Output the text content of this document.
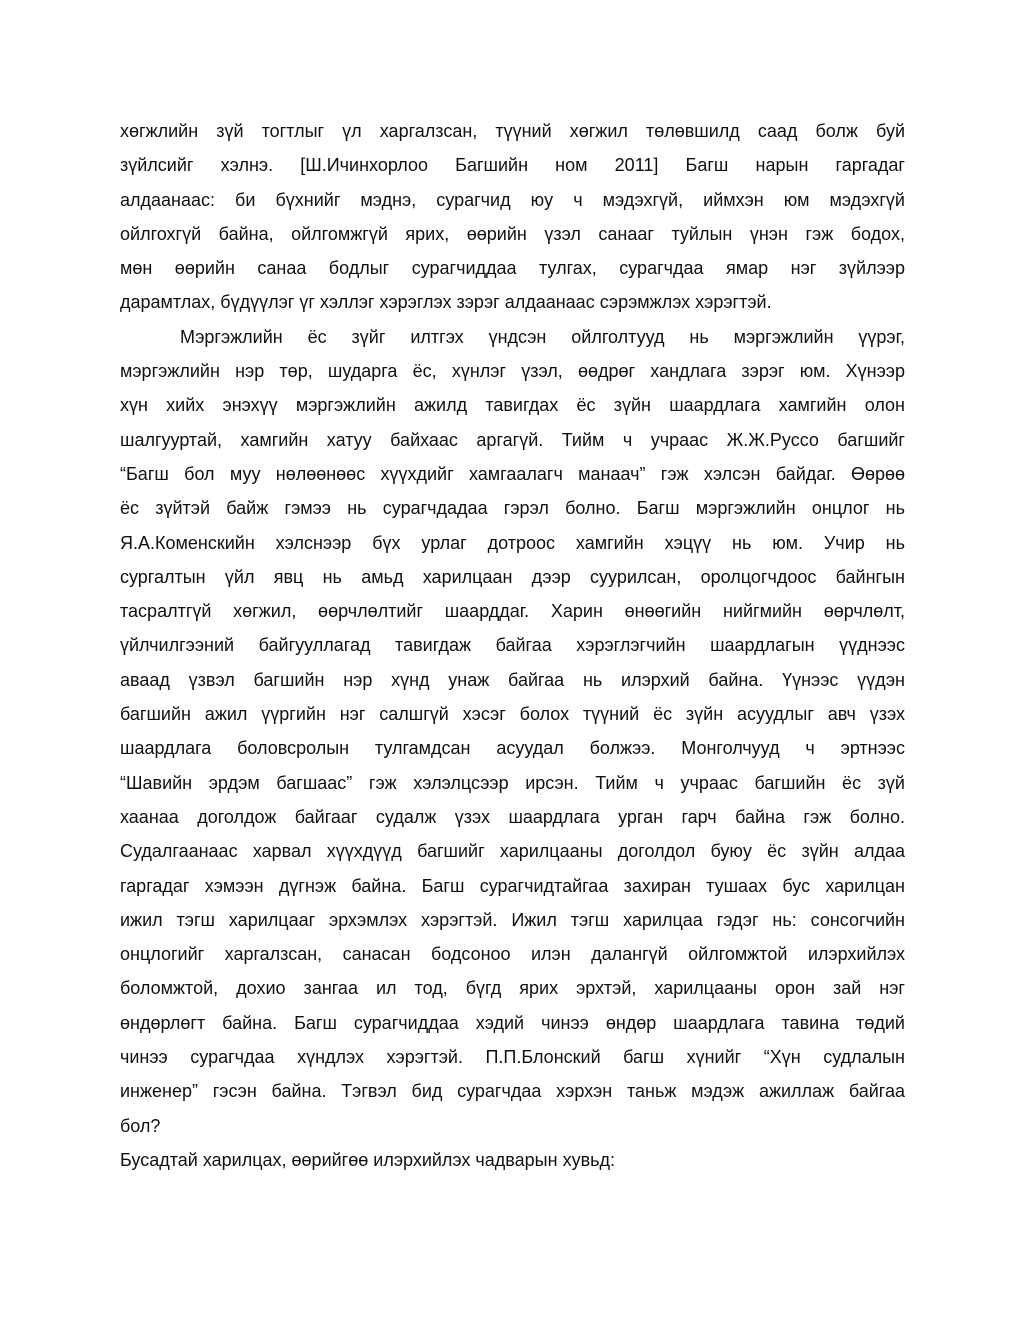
хөгжлийн зүй тогтлыг үл харгалзсан, түүний хөгжил төлөвшилд саад болж буй
зүйлсийг хэлнэ. [Ш.Ичинхорлоо Багшийн ном 2011] Багш нарын гаргадаг
алдаанаас: би бүхнийг мэднэ, сурагчид юу ч мэдэхгүй, иймхэн юм мэдэхгүй
ойлгохгүй байна, ойлгомжгүй ярих, өөрийн үзэл санааг туйлын үнэн гэж бодох,
мөн өөрийн санаа бодлыг сурагчиддаа тулгах, сурагчдаа ямар нэг зүйлээр
дарамтлах, бүдүүлэг үг хэллэг хэрэглэх зэрэг алдаанаас сэрэмжлэх хэрэгтэй.
Мэргэжлийн ёс зүйг илтгэх үндсэн ойлголтууд нь мэргэжлийн үүрэг,
мэргэжлийн нэр төр, шударга ёс, хүнлэг үзэл, өөдрөг хандлага зэрэг юм. Хүнээр
хүн хийх энэхүү мэргэжлийн ажилд тавигдах ёс зүйн шаардлага хамгийн олон
шалгууртай, хамгийн хатуу байхаас аргагүй. Тийм ч учраас Ж.Ж.Руссо багшийг
“Багш бол муу нөлөөнөөс хүүхдийг хамгаалагч манаач” гэж хэлсэн байдаг. Өөрөө
ёс зүйтэй байж гэмээ нь сурагчдадаа гэрэл болно. Багш мэргэжлийн онцлог нь
Я.А.Коменскийн хэлснээр бүх урлаг дотроос хамгийн хэцүү нь юм. Учир нь
сургалтын үйл явц нь амьд харилцаан дээр суурилсан, оролцогчдоос байнгын
тасралтгүй хөгжил, өөрчлөлтийг шаарддаг. Харин өнөөгийн нийгмийн өөрчлөлт,
үйлчилгээний байгууллагад тавигдаж байгаа хэрэглэгчийн шаардлагын үүднээс
аваад үзвэл багшийн нэр хүнд унаж байгаа нь илэрхий байна. Үүнээс үүдэн
багшийн ажил үүргийн нэг салшгүй хэсэг болох түүний ёс зүйн асуудлыг авч үзэх
шаардлага боловсролын тулгамдсан асуудал болжээ. Монголчууд ч эртнээс
“Шавийн эрдэм багшаас” гэж хэлэлцсээр ирсэн. Тийм ч учраас багшийн ёс зүй
хаанаа доголдож байгааг судалж үзэх шаардлага урган гарч байна гэж болно.
Судалгаанаас харвал хүүхдүүд багшийг харилцааны доголдол буюу ёс зүйн алдаа
гаргадаг хэмээн дүгнэж байна. Багш сурагчидтайгаа захиран тушаах бус харилцан
ижил тэгш харилцааг эрхэмлэх хэрэгтэй. Ижил тэгш харилцаа гэдэг нь: сонсогчийн
онцлогийг харгалзсан, санасан бодсоноо илэн далангүй ойлгомжтой илэрхийлэх
боломжтой, дохио зангаа ил тод, бүгд ярих эрхтэй, харилцааны орон зай нэг
өндөрлөгт байна. Багш сурагчиддаа хэдий чинээ өндөр шаардлага тавина төдий
чинээ сурагчдаа хүндлэх хэрэгтэй. П.П.Блонский багш хүнийг “Хүн судлалын
инженер” гэсэн байна. Тэгвэл бид сурагчдаа хэрхэн таньж мэдэж ажиллаж байгаа
бол?
Бусадтай харилцах, өөрийгөө илэрхийлэх чадварын хувьд:
